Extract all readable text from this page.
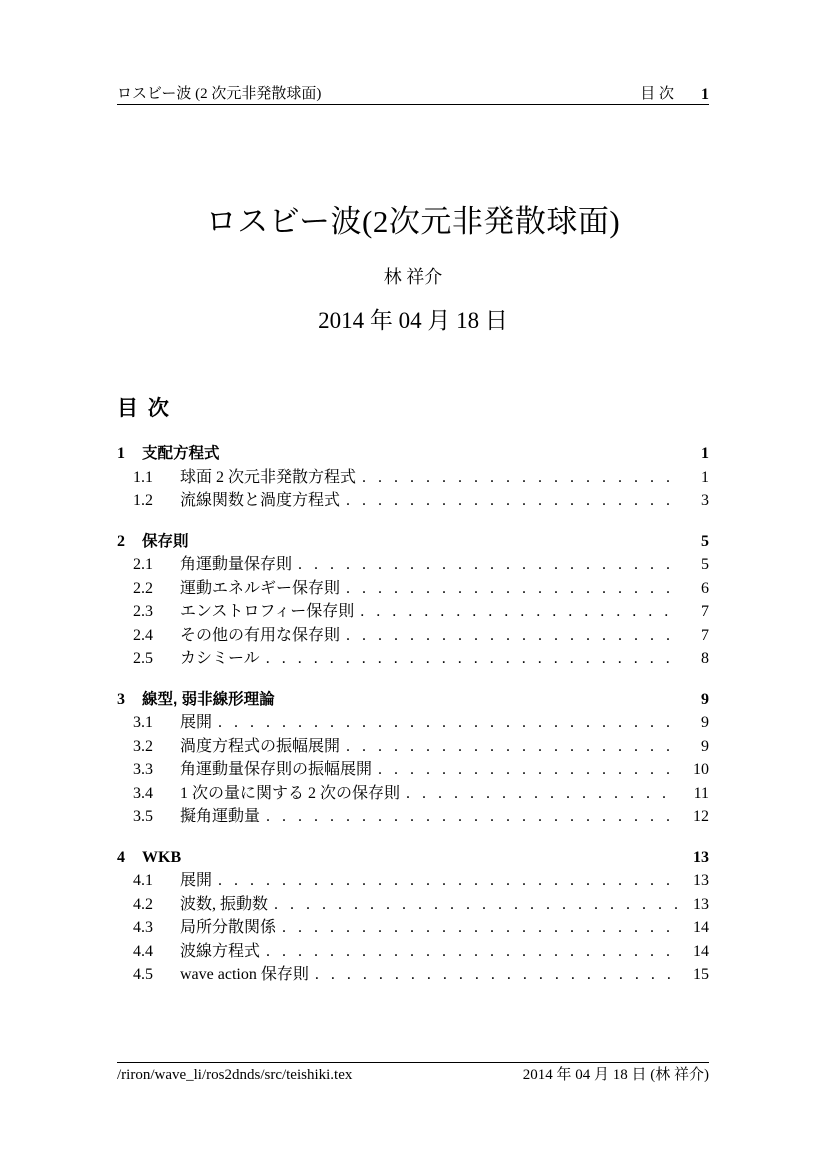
ロスビー波 (2 次元非発散球面)	目 次 1
ロスビー波(2次元非発散球面)
林 祥介
2014 年 04 月 18 日
目 次
1	支配方程式	1
1.1	球面 2 次元非発散方程式 . . .	1
1.2	流線関数と渦度方程式 . . .	3
2	保存則	5
2.1	角運動量保存則 . . .	5
2.2	運動エネルギー保存則 . . .	6
2.3	エンストロフィー保存則 . . .	7
2.4	その他の有用な保存則 . . .	7
2.5	カシミール . . .	8
3	線型, 弱非線形理論	9
3.1	展開 . . .	9
3.2	渦度方程式の振幅展開 . . .	9
3.3	角運動量保存則の振幅展開 . . .	10
3.4	1 次の量に関する 2 次の保存則 . . .	11
3.5	擬角運動量 . . .	12
4	WKB	13
4.1	展開 . . .	13
4.2	波数, 振動数 . . .	13
4.3	局所分散関係 . . .	14
4.4	波線方程式 . . .	14
4.5	wave action 保存則 . . .	15
/riron/wave_li/ros2dnds/src/teishiki.tex	2014 年 04 月 18 日 (林 祥介)
